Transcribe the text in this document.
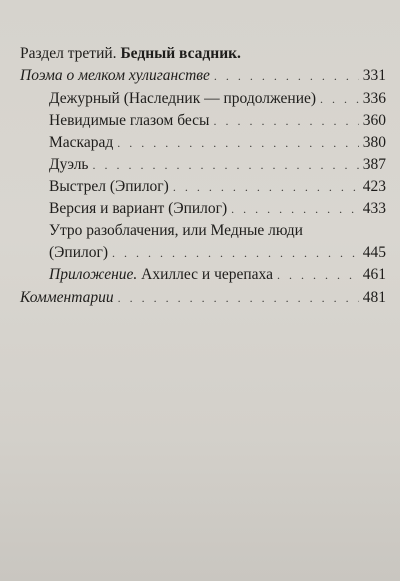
Раздел третий. Бедный всадник.
Поэма о мелком хулиганстве . . .	331
Дежурный (Наследник — продолжение) . . .	336
Невидимые глазом бесы . . .	360
Маскарад . . .	380
Дуэль . . .	387
Выстрел (Эпилог) . . .	423
Версия и вариант (Эпилог) . . .	433
Утро разоблачения, или Медные люди
(Эпилог) . . .	445
Приложение. Ахиллес и черепаха . . .	461
Комментарии . . .	481
